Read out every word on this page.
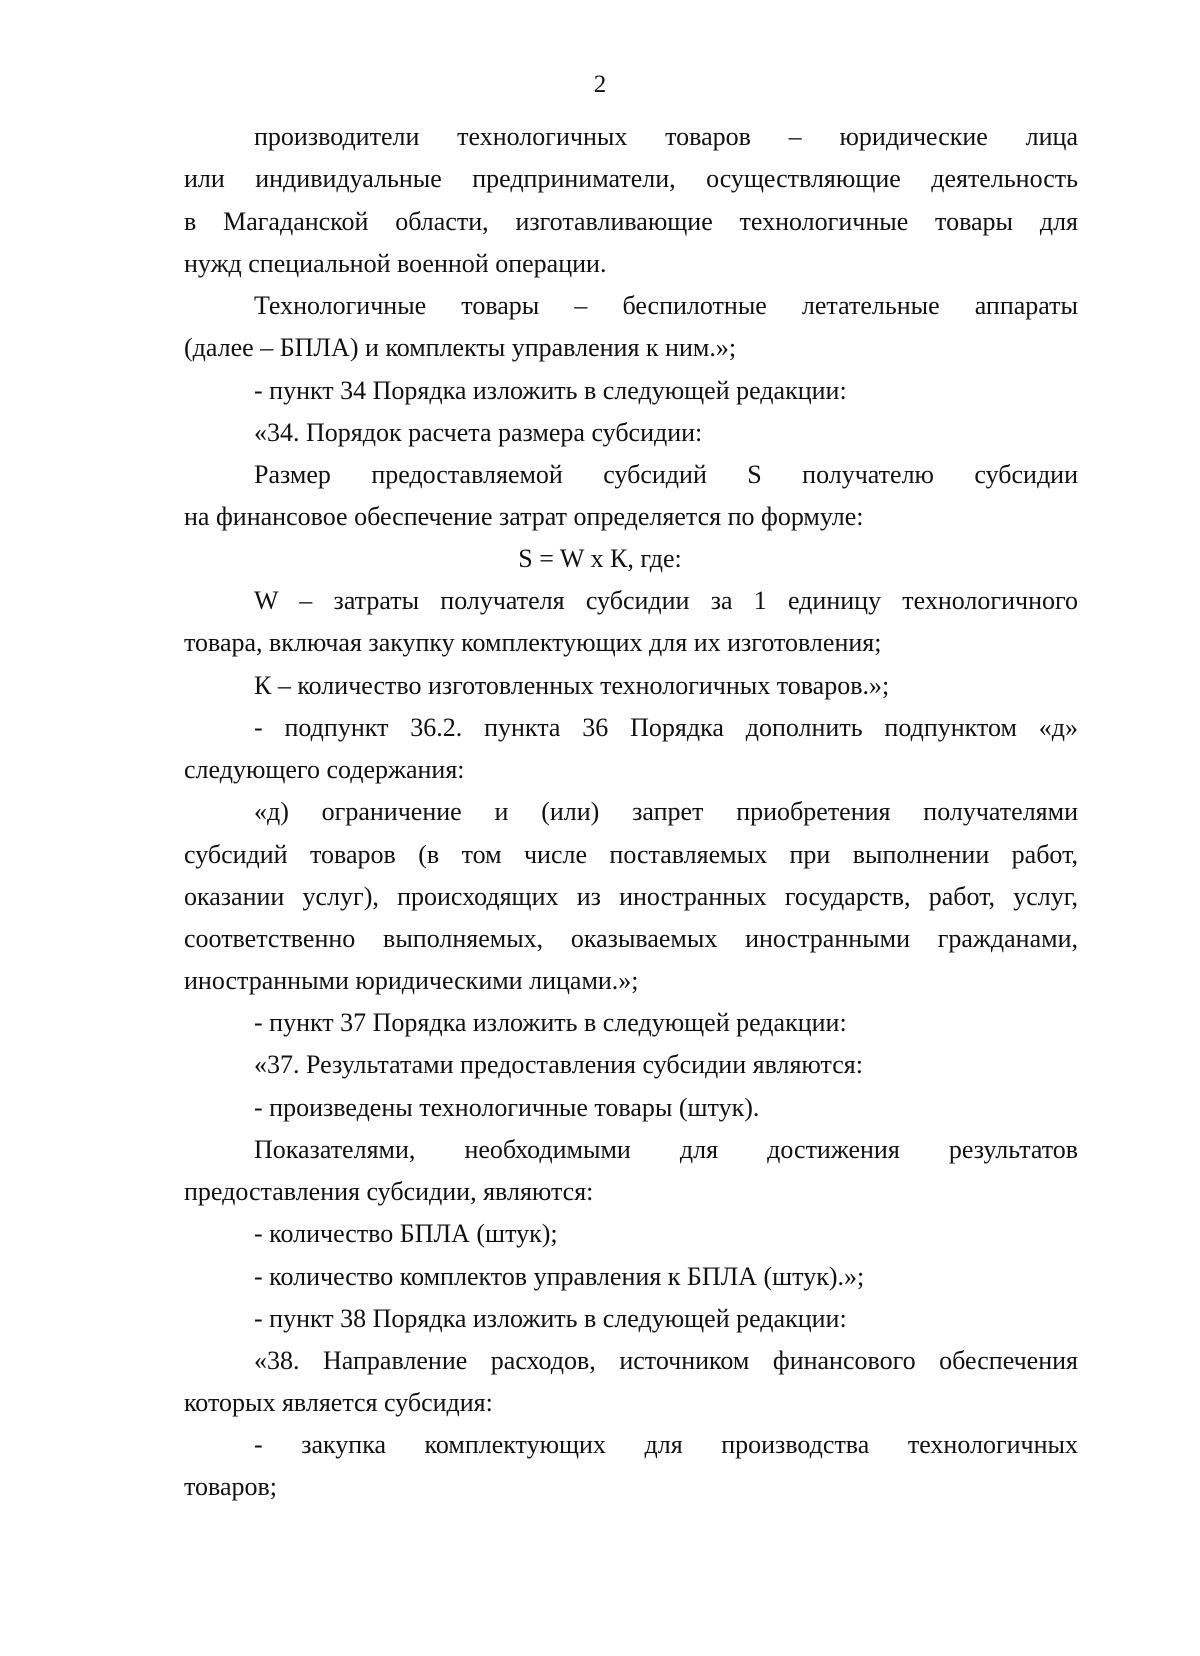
2
производители технологичных товаров – юридические лица
или индивидуальные предприниматели, осуществляющие деятельность
в Магаданской области, изготавливающие технологичные товары для
нужд специальной военной операции.
Технологичные товары – беспилотные летательные аппараты
(далее – БПЛА) и комплекты управления к ним.»;
- пункт 34 Порядка изложить в следующей редакции:
«34. Порядок расчета размера субсидии:
Размер предоставляемой субсидий S получателю субсидии
на финансовое обеспечение затрат определяется по формуле:
S = W х К, где:
W – затраты получателя субсидии за 1 единицу технологичного
товара, включая закупку комплектующих для их изготовления;
К – количество изготовленных технологичных товаров.»;
- подпункт 36.2. пункта 36 Порядка дополнить подпунктом «д»
следующего содержания:
«д) ограничение и (или) запрет приобретения получателями
субсидий товаров (в том числе поставляемых при выполнении работ,
оказании услуг), происходящих из иностранных государств, работ, услуг,
соответственно выполняемых, оказываемых иностранными гражданами,
иностранными юридическими лицами.»;
- пункт 37 Порядка изложить в следующей редакции:
«37. Результатами предоставления субсидии являются:
- произведены технологичные товары (штук).
Показателями, необходимыми для достижения результатов
предоставления субсидии, являются:
- количество БПЛА (штук);
- количество комплектов управления к БПЛА (штук).»;
- пункт 38 Порядка изложить в следующей редакции:
«38. Направление расходов, источником финансового обеспечения
которых является субсидия:
- закупка комплектующих для производства технологичных
товаров;
